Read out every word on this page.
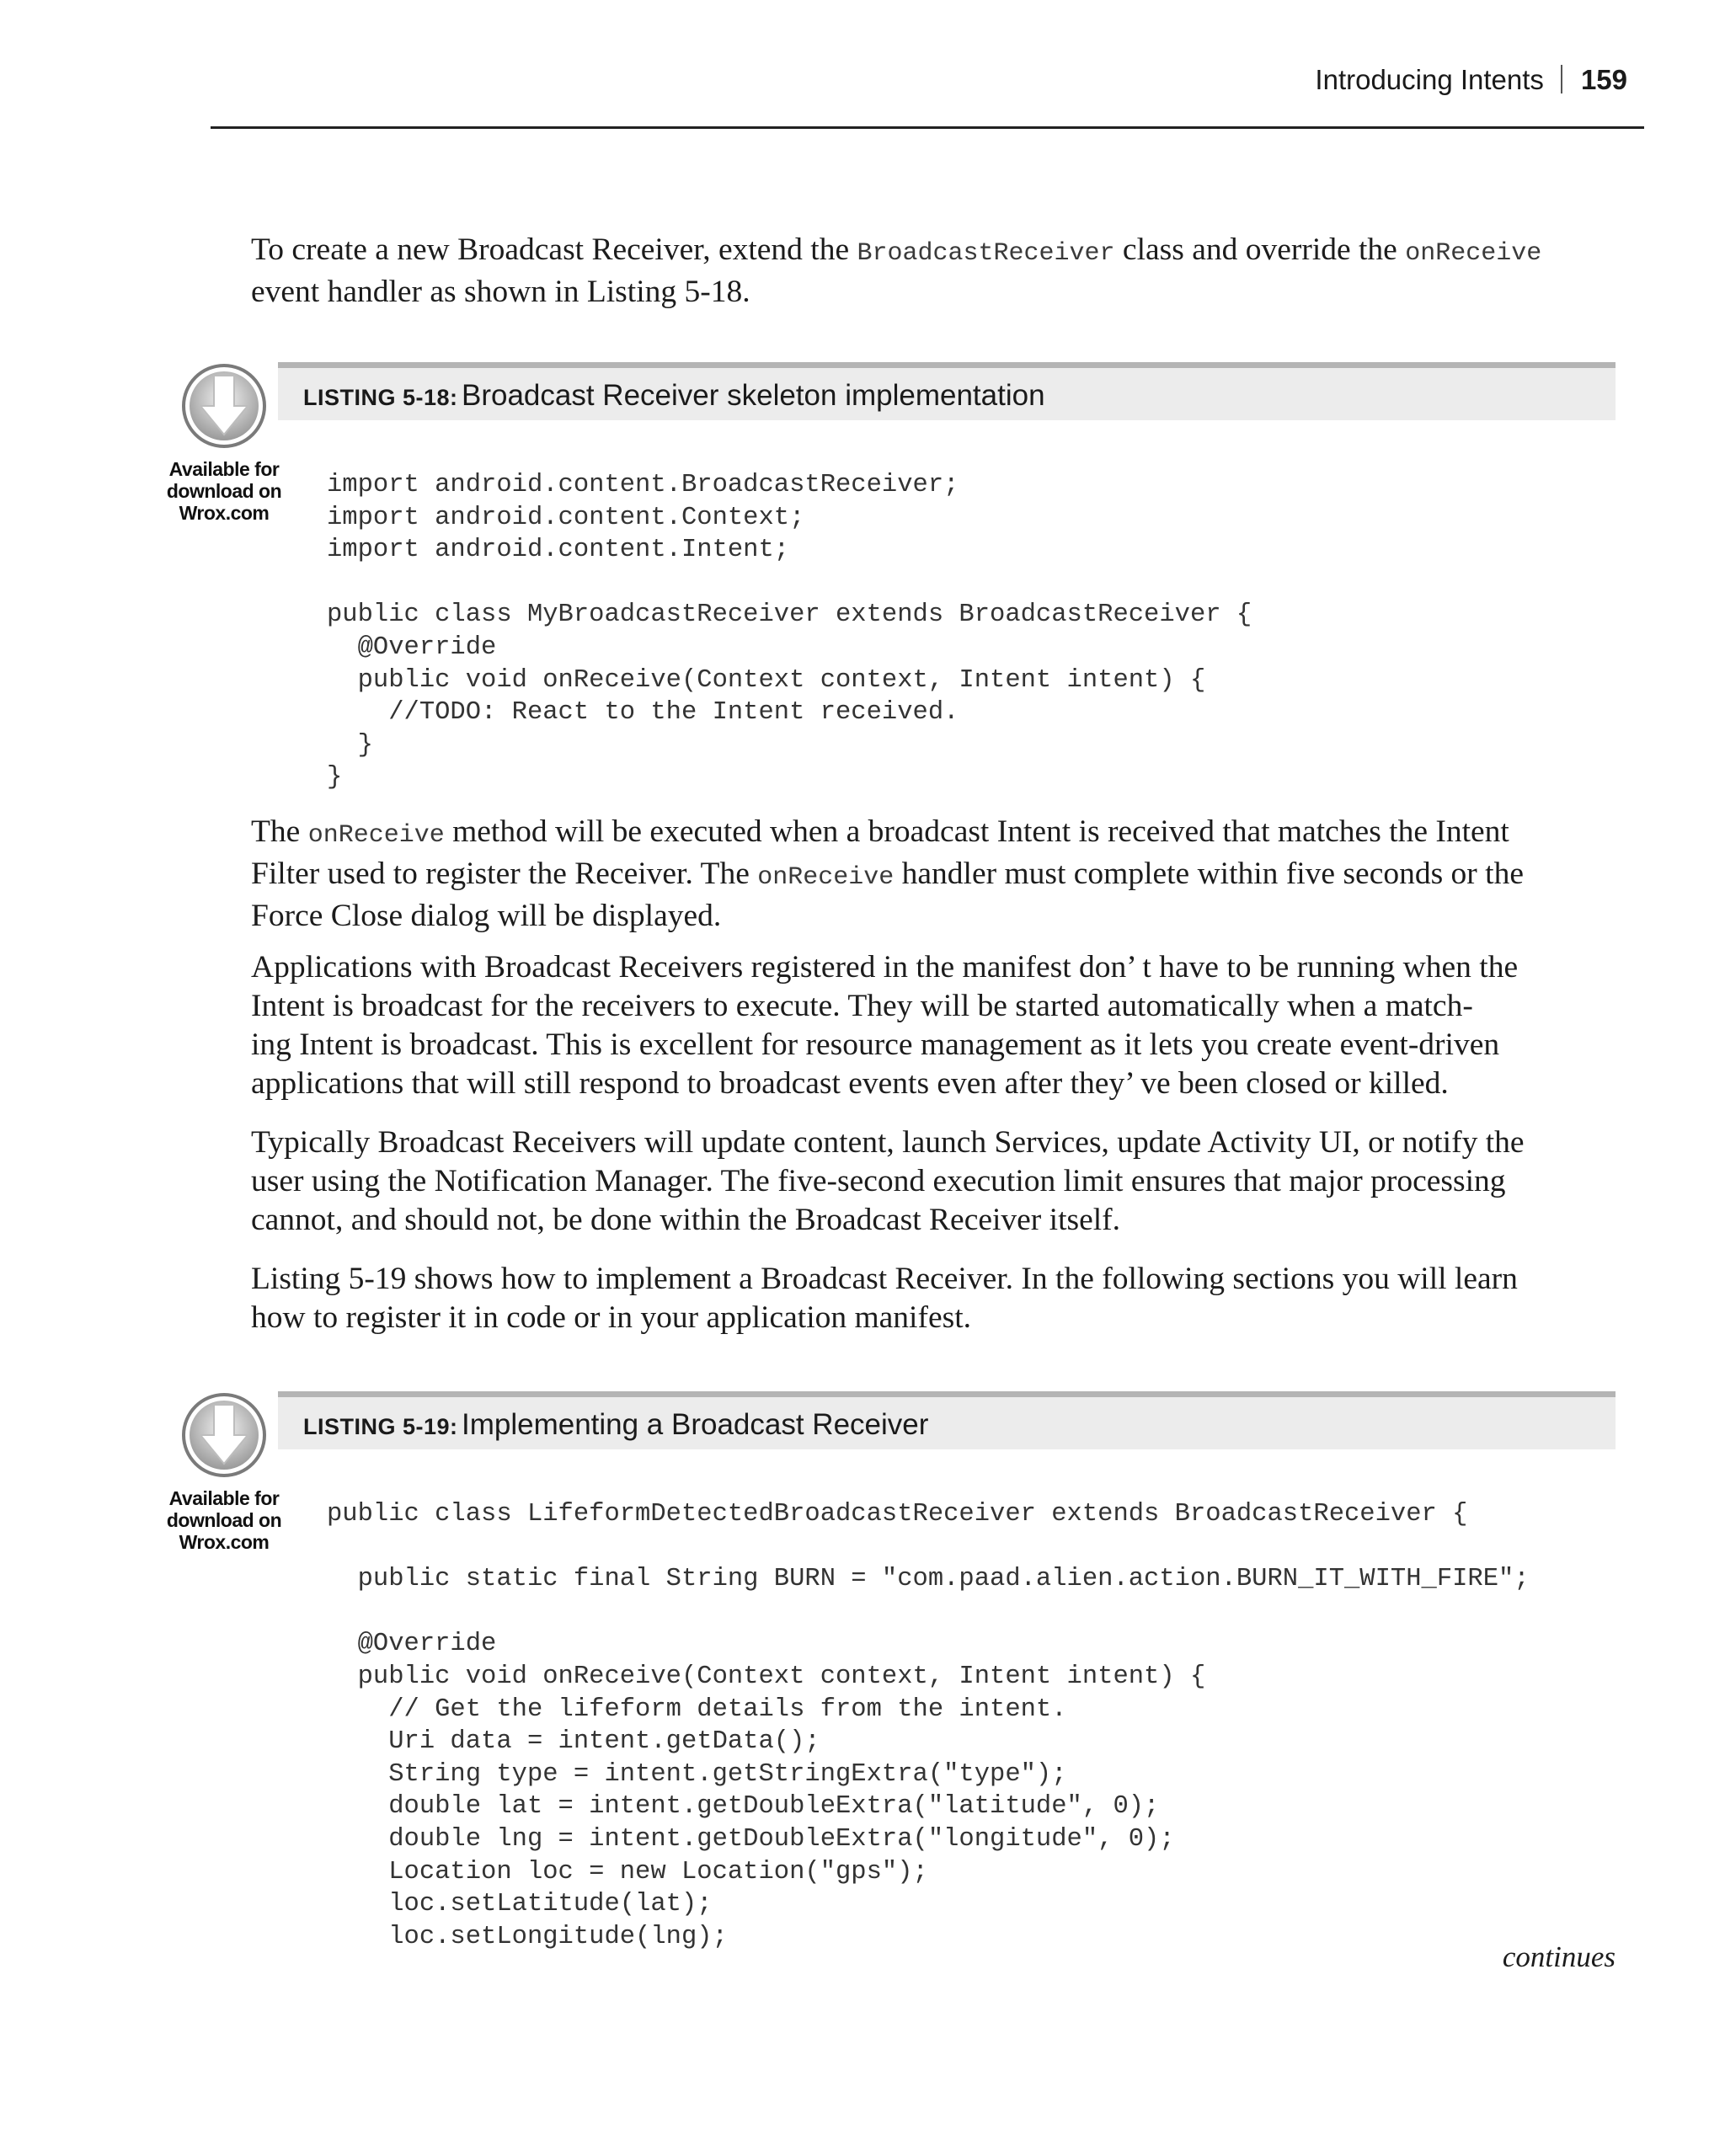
Introducing Intents 159
To create a new Broadcast Receiver, extend the BroadcastReceiver class and override the onReceive
event handler as shown in Listing 5-18.
LISTING 5-18: Broadcast Receiver skeleton implementation
Available for
download on
Wrox.com
import android.content.BroadcastReceiver;
import android.content.Context;
import android.content.Intent;
public class MyBroadcastReceiver extends BroadcastReceiver {
@Override
public void onReceive(Context context, Intent intent) {
//TODO: React to the Intent received.
}
}
The onReceive method will be executed when a broadcast Intent is received that matches the Intent
Filter used to register the Receiver. The onReceive handler must complete within five seconds or the
Force Close dialog will be displayed.
Applications with Broadcast Receivers registered in the manifest don’ t have to be running when the
Intent is broadcast for the receivers to execute. They will be started automatically when a match-
ing Intent is broadcast. This is excellent for resource management as it lets you create event-driven
applications that will still respond to broadcast events even after they’ ve been closed or killed.
Typically Broadcast Receivers will update content, launch Services, update Activity UI, or notify the
user using the Notification Manager. The five-second execution limit ensures that major processing
cannot, and should not, be done within the Broadcast Receiver itself.
Listing 5-19 shows how to implement a Broadcast Receiver. In the following sections you will learn
how to register it in code or in your application manifest.
LISTING 5-19: Implementing a Broadcast Receiver
Available for
download on
Wrox.com
public class LifeformDetectedBroadcastReceiver extends BroadcastReceiver {
public static final String BURN = "com.paad.alien.action.BURN_IT_WITH_FIRE";
@Override
public void onReceive(Context context, Intent intent) {
// Get the lifeform details from the intent.
Uri data = intent.getData();
String type = intent.getStringExtra("type");
double lat = intent.getDoubleExtra("latitude", 0);
double lng = intent.getDoubleExtra("longitude", 0);
Location loc = new Location("gps");
loc.setLatitude(lat);
loc.setLongitude(lng);
continues
